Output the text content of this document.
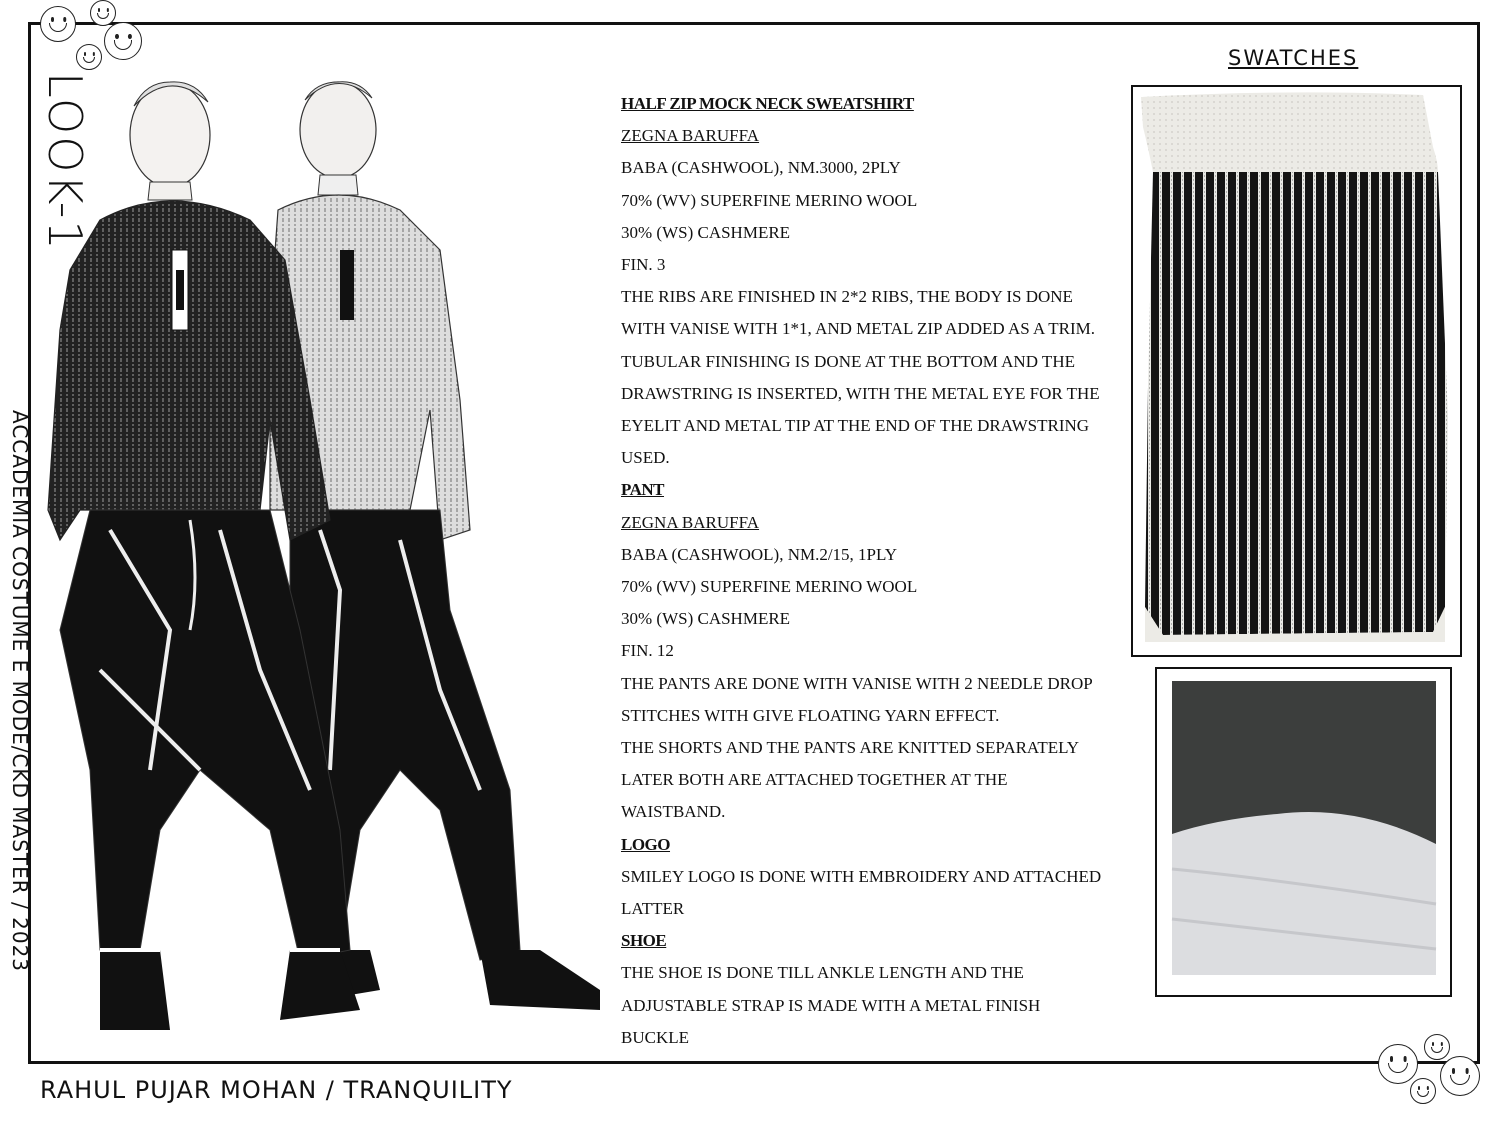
LOOK-1
ACCADEMIA COSTUME E MODE/CKD MASTER / 2023
RAHUL PUJAR MOHAN / TRANQUILITY
HALF ZIP MOCK NECK SWEATSHIRT
ZEGNA BARUFFA
BABA (CASHWOOL), NM.3000, 2PLY
70% (WV) SUPERFINE MERINO WOOL
30% (WS) CASHMERE
FIN. 3
THE RIBS ARE FINISHED IN 2*2 RIBS, THE BODY IS DONE
WITH VANISE WITH 1*1, AND METAL ZIP ADDED AS A TRIM.
TUBULAR FINISHING IS DONE AT THE BOTTOM AND THE
DRAWSTRING IS INSERTED, WITH THE METAL EYE FOR THE
EYELIT AND METAL TIP AT THE END OF THE DRAWSTRING
USED.
PANT
ZEGNA BARUFFA
BABA (CASHWOOL), NM.2/15, 1PLY
70% (WV) SUPERFINE MERINO WOOL
30% (WS) CASHMERE
FIN. 12
THE PANTS ARE DONE WITH VANISE WITH 2 NEEDLE DROP
STITCHES WITH GIVE FLOATING YARN EFFECT.
THE SHORTS AND THE PANTS ARE KNITTED SEPARATELY
LATER BOTH ARE ATTACHED TOGETHER AT THE
WAISTBAND.
LOGO
SMILEY LOGO IS DONE WITH EMBROIDERY AND ATTACHED
LATTER
SHOE
THE SHOE IS DONE TILL ANKLE LENGTH AND THE
ADJUSTABLE STRAP IS MADE WITH A METAL FINISH
BUCKLE
SWATCHES
